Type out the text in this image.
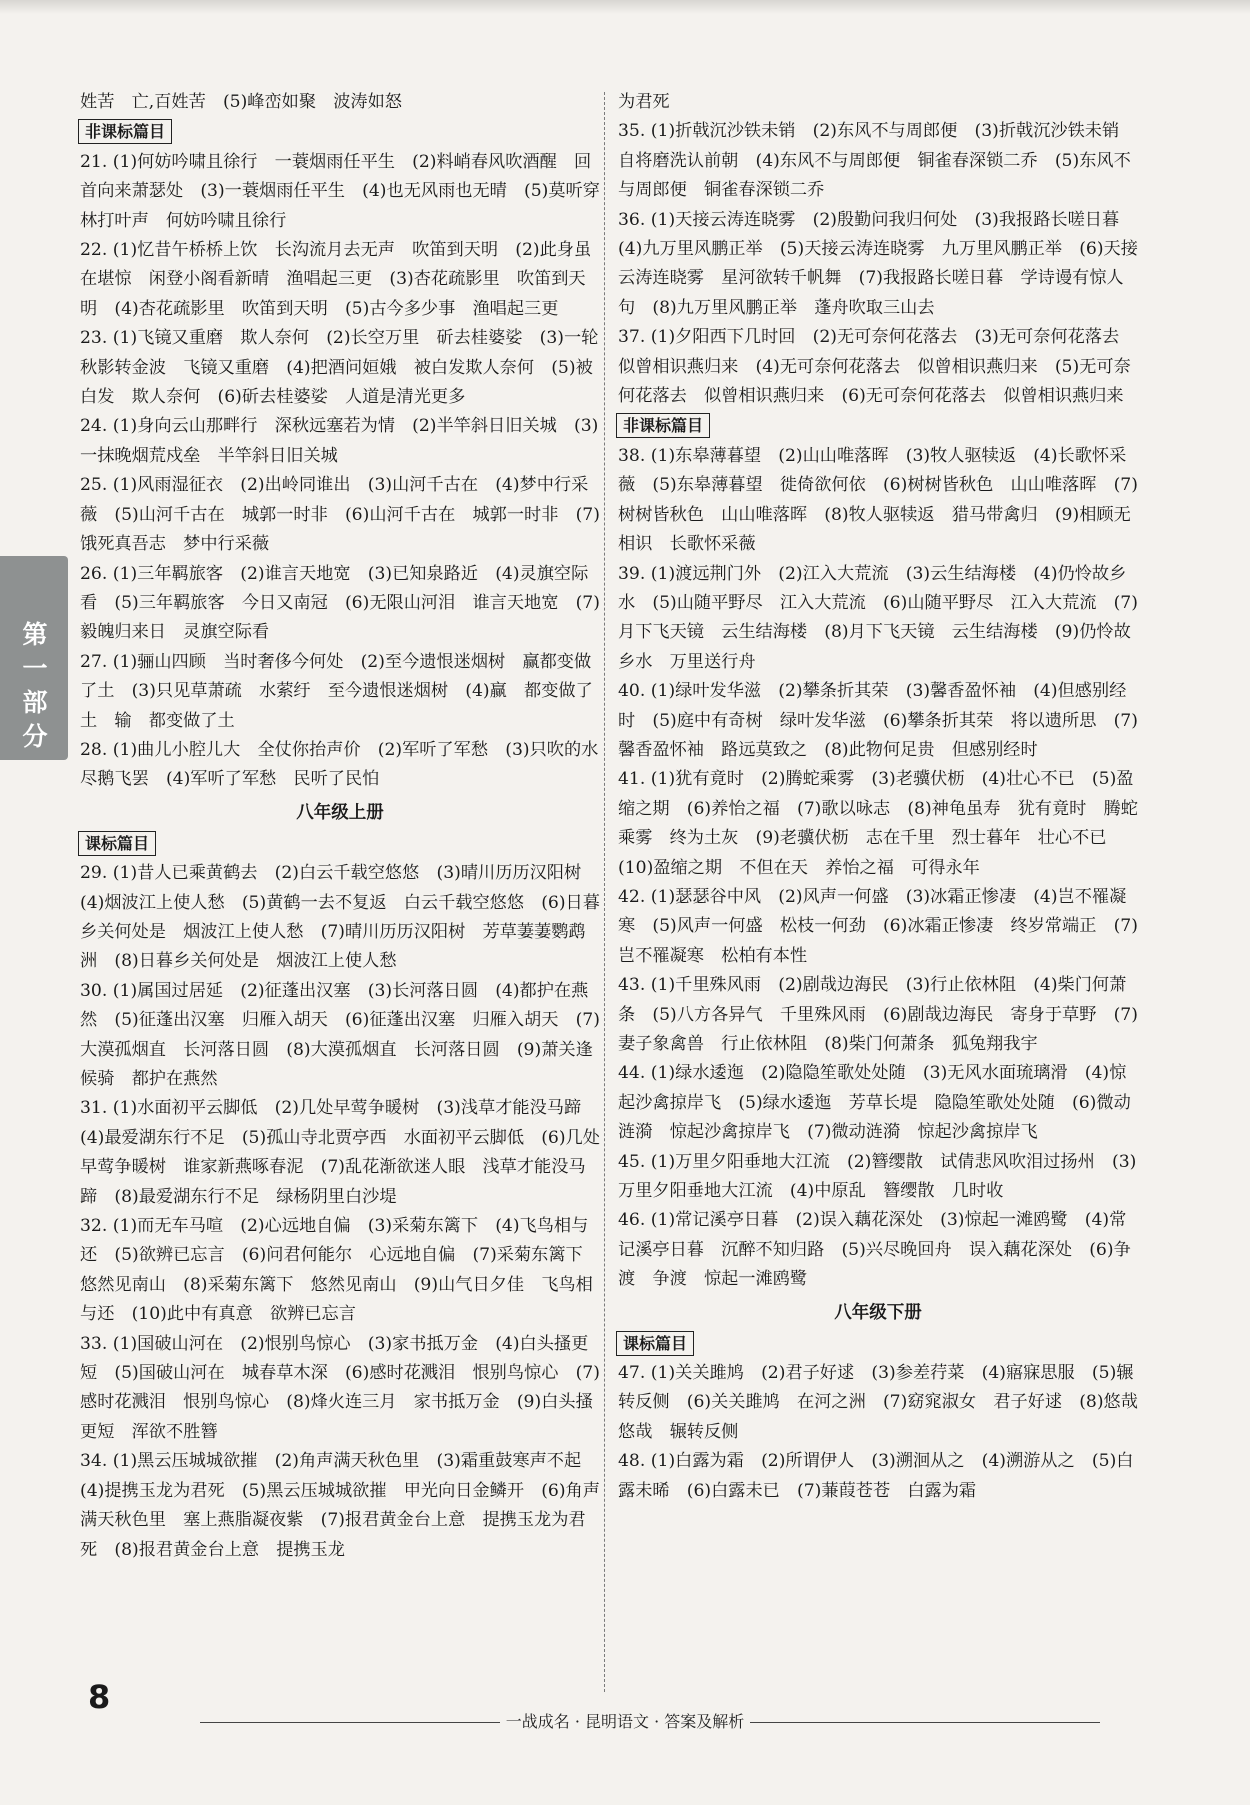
姓苦　亡,百姓苦　(5)峰峦如聚　波涛如怒

非课标篇目

21. (1)何妨吟啸且徐行　一蓑烟雨任平生　(2)料峭春风吹酒醒　回首向来萧瑟处　(3)一蓑烟雨任平生　(4)也无风雨也无晴　(5)莫听穿林打叶声　何妨吟啸且徐行

22. (1)忆昔午桥桥上饮　长沟流月去无声　吹笛到天明　(2)此身虽在堪惊　闲登小阁看新晴　渔唱起三更　(3)杏花疏影里　吹笛到天明　(4)杏花疏影里　吹笛到天明　(5)古今多少事　渔唱起三更

23. (1)飞镜又重磨　欺人奈何　(2)长空万里　斫去桂婆娑　(3)一轮秋影转金波　飞镜又重磨　(4)把酒问姮娥　被白发欺人奈何　(5)被白发　欺人奈何　(6)斫去桂婆娑　人道是清光更多

24. (1)身向云山那畔行　深秋远塞若为情　(2)半竿斜日旧关城　(3)一抹晚烟荒戍垒　半竿斜日旧关城

25. (1)风雨湿征衣　(2)出岭同谁出　(3)山河千古在　(4)梦中行采薇　(5)山河千古在　城郭一时非　(6)山河千古在　城郭一时非　(7)饿死真吾志　梦中行采薇

26. (1)三年羁旅客　(2)谁言天地宽　(3)已知泉路近　(4)灵旗空际看　(5)三年羁旅客　今日又南冠　(6)无限山河泪　谁言天地宽　(7)毅魄归来日　灵旗空际看

27. (1)骊山四顾　当时奢侈今何处　(2)至今遗恨迷烟树　赢都变做了土　(3)只见草萧疏　水萦纡　至今遗恨迷烟树　(4)赢　都变做了土　输　都变做了土

28. (1)曲儿小腔儿大　全仗你抬声价　(2)军听了军愁　(3)只吹的水尽鹅飞罢　(4)军听了军愁　民听了民怕

八年级上册
课标篇目

29. (1)昔人已乘黄鹤去　(2)白云千载空悠悠　(3)晴川历历汉阳树　(4)烟波江上使人愁　(5)黄鹤一去不复返　白云千载空悠悠　(6)日暮乡关何处是　烟波江上使人愁　(7)晴川历历汉阳树　芳草萋萋鹦鹉洲　(8)日暮乡关何处是　烟波江上使人愁

30. (1)属国过居延　(2)征蓬出汉塞　(3)长河落日圆　(4)都护在燕然　(5)征蓬出汉塞　归雁入胡天　(6)征蓬出汉塞　归雁入胡天　(7)大漠孤烟直　长河落日圆　(8)大漠孤烟直　长河落日圆　(9)萧关逢候骑　都护在燕然

31. (1)水面初平云脚低　(2)几处早莺争暖树　(3)浅草才能没马蹄　(4)最爱湖东行不足　(5)孤山寺北贾亭西　水面初平云脚低　(6)几处早莺争暖树　谁家新燕啄春泥　(7)乱花渐欲迷人眼　浅草才能没马蹄　(8)最爱湖东行不足　绿杨阴里白沙堤

32. (1)而无车马喧　(2)心远地自偏　(3)采菊东篱下　(4)飞鸟相与还　(5)欲辨已忘言　(6)问君何能尔　心远地自偏　(7)采菊东篱下　悠然见南山　(8)采菊东篱下　悠然见南山　(9)山气日夕佳　飞鸟相与还　(10)此中有真意　欲辨已忘言

33. (1)国破山河在　(2)恨别鸟惊心　(3)家书抵万金　(4)白头搔更短　(5)国破山河在　城春草木深　(6)感时花溅泪　恨别鸟惊心　(7)感时花溅泪　恨别鸟惊心　(8)烽火连三月　家书抵万金　(9)白头搔更短　浑欲不胜簪

34. (1)黑云压城城欲摧　(2)角声满天秋色里　(3)霜重鼓寒声不起　(4)提携玉龙为君死　(5)黑云压城城欲摧　甲光向日金鳞开　(6)角声满天秋色里　塞上燕脂凝夜紫　(7)报君黄金台上意　提携玉龙为君死　(8)报君黄金台上意　提携玉龙

为君死

35. (1)折戟沉沙铁未销　(2)东风不与周郎便　(3)折戟沉沙铁未销　自将磨洗认前朝　(4)东风不与周郎便　铜雀春深锁二乔　(5)东风不与周郎便　铜雀春深锁二乔

36. (1)天接云涛连晓雾　(2)殷勤问我归何处　(3)我报路长嗟日暮　(4)九万里风鹏正举　(5)天接云涛连晓雾　九万里风鹏正举　(6)天接云涛连晓雾　星河欲转千帆舞　(7)我报路长嗟日暮　学诗谩有惊人句　(8)九万里风鹏正举　蓬舟吹取三山去

37. (1)夕阳西下几时回　(2)无可奈何花落去　(3)无可奈何花落去　似曾相识燕归来　(4)无可奈何花落去　似曾相识燕归来　(5)无可奈何花落去　似曾相识燕归来　(6)无可奈何花落去　似曾相识燕归来

非课标篇目

38. (1)东皋薄暮望　(2)山山唯落晖　(3)牧人驱犊返　(4)长歌怀采薇　(5)东皋薄暮望　徙倚欲何依　(6)树树皆秋色　山山唯落晖　(7)树树皆秋色　山山唯落晖　(8)牧人驱犊返　猎马带禽归　(9)相顾无相识　长歌怀采薇

39. (1)渡远荆门外　(2)江入大荒流　(3)云生结海楼　(4)仍怜故乡水　(5)山随平野尽　江入大荒流　(6)山随平野尽　江入大荒流　(7)月下飞天镜　云生结海楼　(8)月下飞天镜　云生结海楼　(9)仍怜故乡水　万里送行舟

40. (1)绿叶发华滋　(2)攀条折其荣　(3)馨香盈怀袖　(4)但感别经时　(5)庭中有奇树　绿叶发华滋　(6)攀条折其荣　将以遗所思　(7)馨香盈怀袖　路远莫致之　(8)此物何足贵　但感别经时

41. (1)犹有竟时　(2)腾蛇乘雾　(3)老骥伏枥　(4)壮心不已　(5)盈缩之期　(6)养怡之福　(7)歌以咏志　(8)神龟虽寿　犹有竟时　腾蛇乘雾　终为土灰　(9)老骥伏枥　志在千里　烈士暮年　壮心不已　(10)盈缩之期　不但在天　养怡之福　可得永年

42. (1)瑟瑟谷中风　(2)风声一何盛　(3)冰霜正惨凄　(4)岂不罹凝寒　(5)风声一何盛　松枝一何劲　(6)冰霜正惨凄　终岁常端正　(7)岂不罹凝寒　松柏有本性

43. (1)千里殊风雨　(2)剧哉边海民　(3)行止依林阻　(4)柴门何萧条　(5)八方各异气　千里殊风雨　(6)剧哉边海民　寄身于草野　(7)妻子象禽兽　行止依林阻　(8)柴门何萧条　狐兔翔我宇

44. (1)绿水逶迤　(2)隐隐笙歌处处随　(3)无风水面琉璃滑　(4)惊起沙禽掠岸飞　(5)绿水逶迤　芳草长堤　隐隐笙歌处处随　(6)微动涟漪　惊起沙禽掠岸飞　(7)微动涟漪　惊起沙禽掠岸飞

45. (1)万里夕阳垂地大江流　(2)簪缨散　试倩悲风吹泪过扬州　(3)万里夕阳垂地大江流　(4)中原乱　簪缨散　几时收

46. (1)常记溪亭日暮　(2)误入藕花深处　(3)惊起一滩鸥鹭　(4)常记溪亭日暮　沉醉不知归路　(5)兴尽晚回舟　误入藕花深处　(6)争渡　争渡　惊起一滩鸥鹭

八年级下册
课标篇目

47. (1)关关雎鸠　(2)君子好逑　(3)参差荇菜　(4)寤寐思服　(5)辗转反侧　(6)关关雎鸠　在河之洲　(7)窈窕淑女　君子好逑　(8)悠哉悠哉　辗转反侧

48. (1)白露为霜　(2)所谓伊人　(3)溯洄从之　(4)溯游从之　(5)白露未晞　(6)白露未已　(7)蒹葭苍苍　白露为霜

第一部分
8
一战成名 · 昆明语文 · 答案及解析
